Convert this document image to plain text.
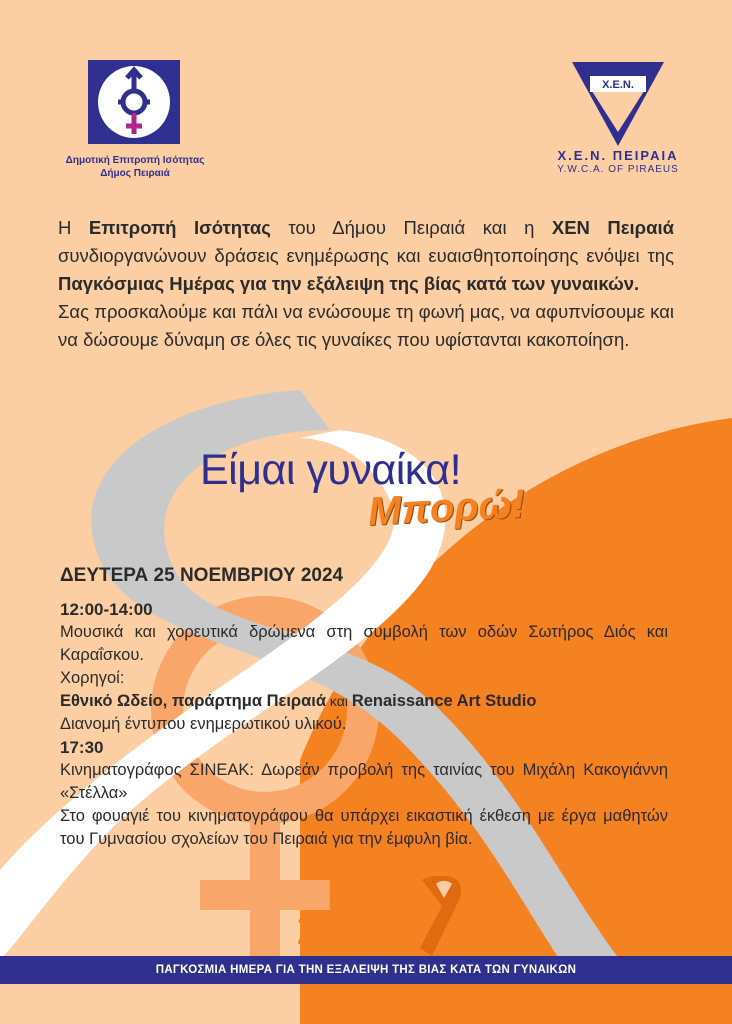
Δημοτική Επιτροπή Ισότητας
Δήμος Πειραιά
X.E.N.
Χ.Ε.Ν. ΠΕΙΡΑΙΑ
Y.W.C.A. OF PIRAEUS

Η Επιτροπή Ισότητας του Δήμου Πειραιά και η ΧΕΝ Πειραιά συνδιοργανώνουν δράσεις ενημέρωσης και ευαισθητοποίησης ενόψει της Παγκόσμιας Ημέρας για την εξάλειψη της βίας κατά των γυναικών.

Σας προσκαλούμε και πάλι να ενώσουμε τη φωνή μας, να αφυπνίσουμε και να δώσουμε δύναμη σε όλες τις γυναίκες που υφίστανται κακοποίηση.

Είμαι γυναίκα!
Μπορώ!
ΔΕΥΤΕΡΑ 25 ΝΟΕΜΒΡΙΟΥ 2024
12:00-14:00
Μουσικά και χορευτικά δρώμενα στη συμβολή των οδών Σωτήρος Διός και Καραΐσκου.
Χορηγοί:
Εθνικό Ωδείο, παράρτημα Πειραιά και Renaissance Art Studio
Διανομή έντυπου ενημερωτικού υλικού.
17:30
Κινηματογράφος ΣΙΝΕΑΚ: Δωρεάν προβολή της ταινίας του Μιχάλη Κακογιάννη «Στέλλα»
Στο φουαγιέ του κινηματογράφου θα υπάρχει εικαστική έκθεση με έργα μαθητών του Γυμνασίου σχολείων του Πειραιά για την έμφυλη βία.
25/11
ΠΑΓΚΟΣΜΙΑ ΗΜΕΡΑ ΓΙΑ ΤΗΝ ΕΞΑΛΕΙΨΗ ΤΗΣ ΒΙΑΣ ΚΑΤΑ ΤΩΝ ΓΥΝΑΙΚΩΝ
